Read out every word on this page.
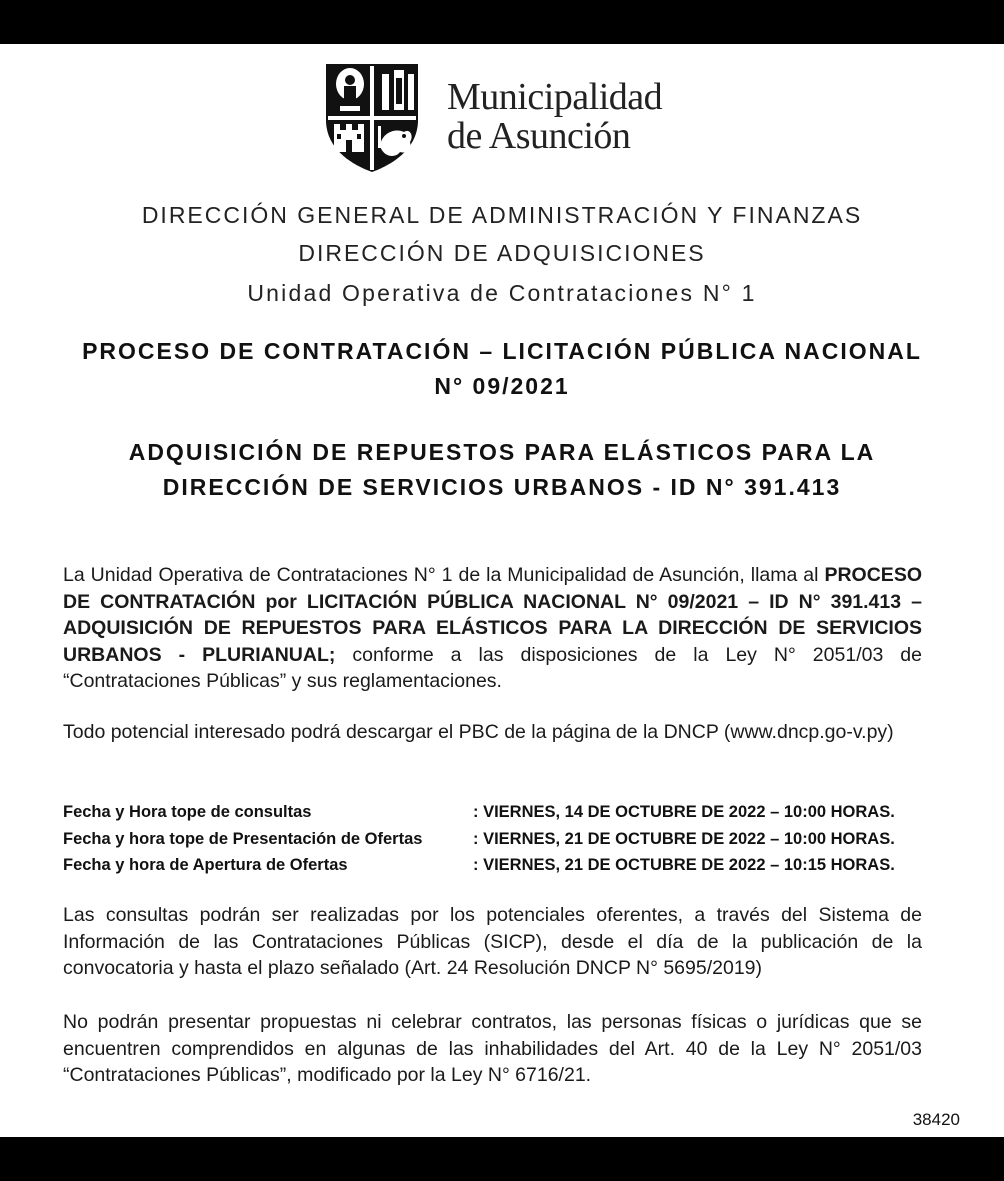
Municipalidad
de Asunción
DIRECCIÓN GENERAL DE ADMINISTRACIÓN Y FINANZAS
DIRECCIÓN DE ADQUISICIONES
Unidad Operativa de Contrataciones N° 1
PROCESO DE CONTRATACIÓN – LICITACIÓN PÚBLICA NACIONAL
N° 09/2021
ADQUISICIÓN DE REPUESTOS PARA ELÁSTICOS PARA LA
DIRECCIÓN DE SERVICIOS URBANOS - ID N° 391.413
La Unidad Operativa de Contrataciones N° 1 de la Municipalidad de Asunción, llama al PROCESO DE CONTRATACIÓN por LICITACIÓN PÚBLICA NACIONAL N° 09/2021 – ID N° 391.413 – ADQUISICIÓN DE REPUESTOS PARA ELÁSTICOS PARA LA DIRECCIÓN DE SERVICIOS URBANOS - PLURIANUAL; conforme a las disposiciones de la Ley N° 2051/03 de “Contrataciones Públicas” y sus reglamentaciones.
Todo potencial interesado podrá descargar el PBC de la página de la DNCP (www.dncp.go-v.py)
Fecha y Hora tope de consultas	: VIERNES, 14 DE OCTUBRE DE 2022 – 10:00 HORAS.
Fecha y hora tope de Presentación de Ofertas	: VIERNES, 21 DE OCTUBRE DE 2022 – 10:00 HORAS.
Fecha y hora de Apertura de Ofertas	: VIERNES, 21 DE OCTUBRE DE 2022 – 10:15 HORAS.
Las consultas podrán ser realizadas por los potenciales oferentes, a través del Sistema de Información de las Contrataciones Públicas (SICP), desde el día de la publicación de la convocatoria y hasta el plazo señalado (Art. 24 Resolución DNCP N° 5695/2019)
No podrán presentar propuestas ni celebrar contratos, las personas físicas o jurídicas que se encuentren comprendidos en algunas de las inhabilidades del Art. 40 de la Ley N° 2051/03 “Contrataciones Públicas”, modificado por la Ley N° 6716/21.
38420
